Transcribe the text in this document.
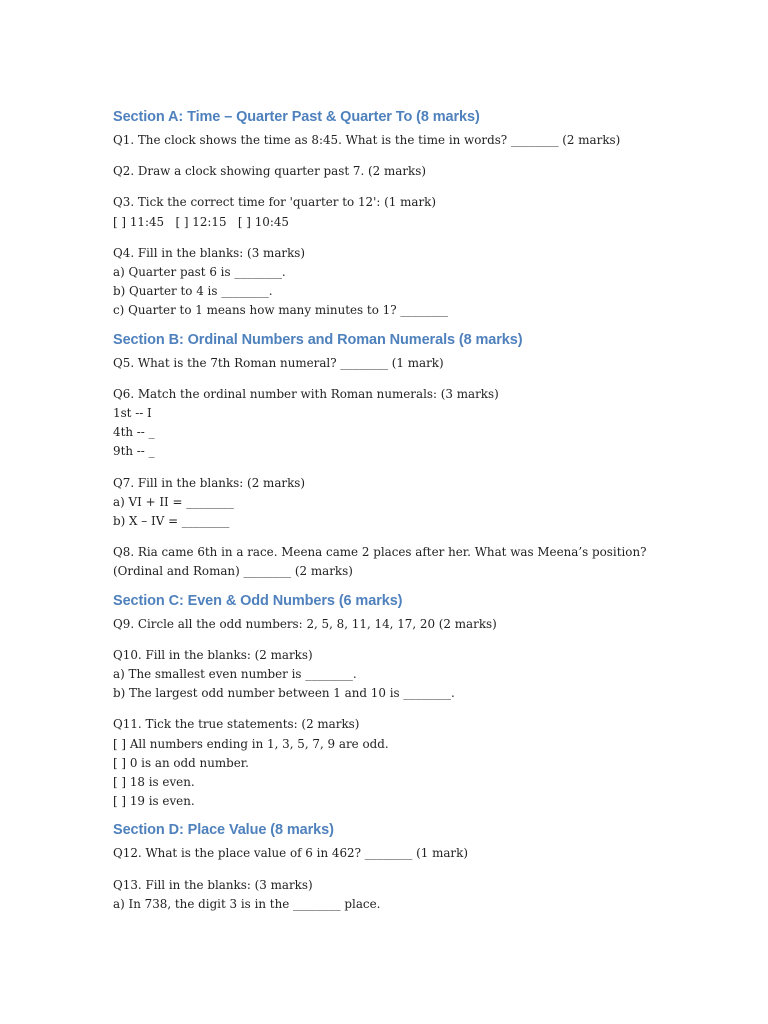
Section A: Time – Quarter Past & Quarter To (8 marks)

Q1. The clock shows the time as 8:45. What is the time in words? ________ (2 marks)

Q2. Draw a clock showing quarter past 7. (2 marks)

Q3. Tick the correct time for 'quarter to 12': (1 mark)
[ ] 11:45   [ ] 12:15   [ ] 10:45

Q4. Fill in the blanks: (3 marks)
a) Quarter past 6 is ________.
b) Quarter to 4 is ________.
c) Quarter to 1 means how many minutes to 1? ________

Section B: Ordinal Numbers and Roman Numerals (8 marks)

Q5. What is the 7th Roman numeral? ________ (1 mark)

Q6. Match the ordinal number with Roman numerals: (3 marks)
1st -- I
4th -- _
9th -- _

Q7. Fill in the blanks: (2 marks)
a) VI + II = ________
b) X – IV = ________

Q8. Ria came 6th in a race. Meena came 2 places after her. What was Meena’s position?
(Ordinal and Roman) ________ (2 marks)

Section C: Even & Odd Numbers (6 marks)

Q9. Circle all the odd numbers: 2, 5, 8, 11, 14, 17, 20 (2 marks)

Q10. Fill in the blanks: (2 marks)
a) The smallest even number is ________.
b) The largest odd number between 1 and 10 is ________.

Q11. Tick the true statements: (2 marks)
[ ] All numbers ending in 1, 3, 5, 7, 9 are odd.
[ ] 0 is an odd number.
[ ] 18 is even.
[ ] 19 is even.

Section D: Place Value (8 marks)

Q12. What is the place value of 6 in 462? ________ (1 mark)

Q13. Fill in the blanks: (3 marks)
a) In 738, the digit 3 is in the ________ place.
